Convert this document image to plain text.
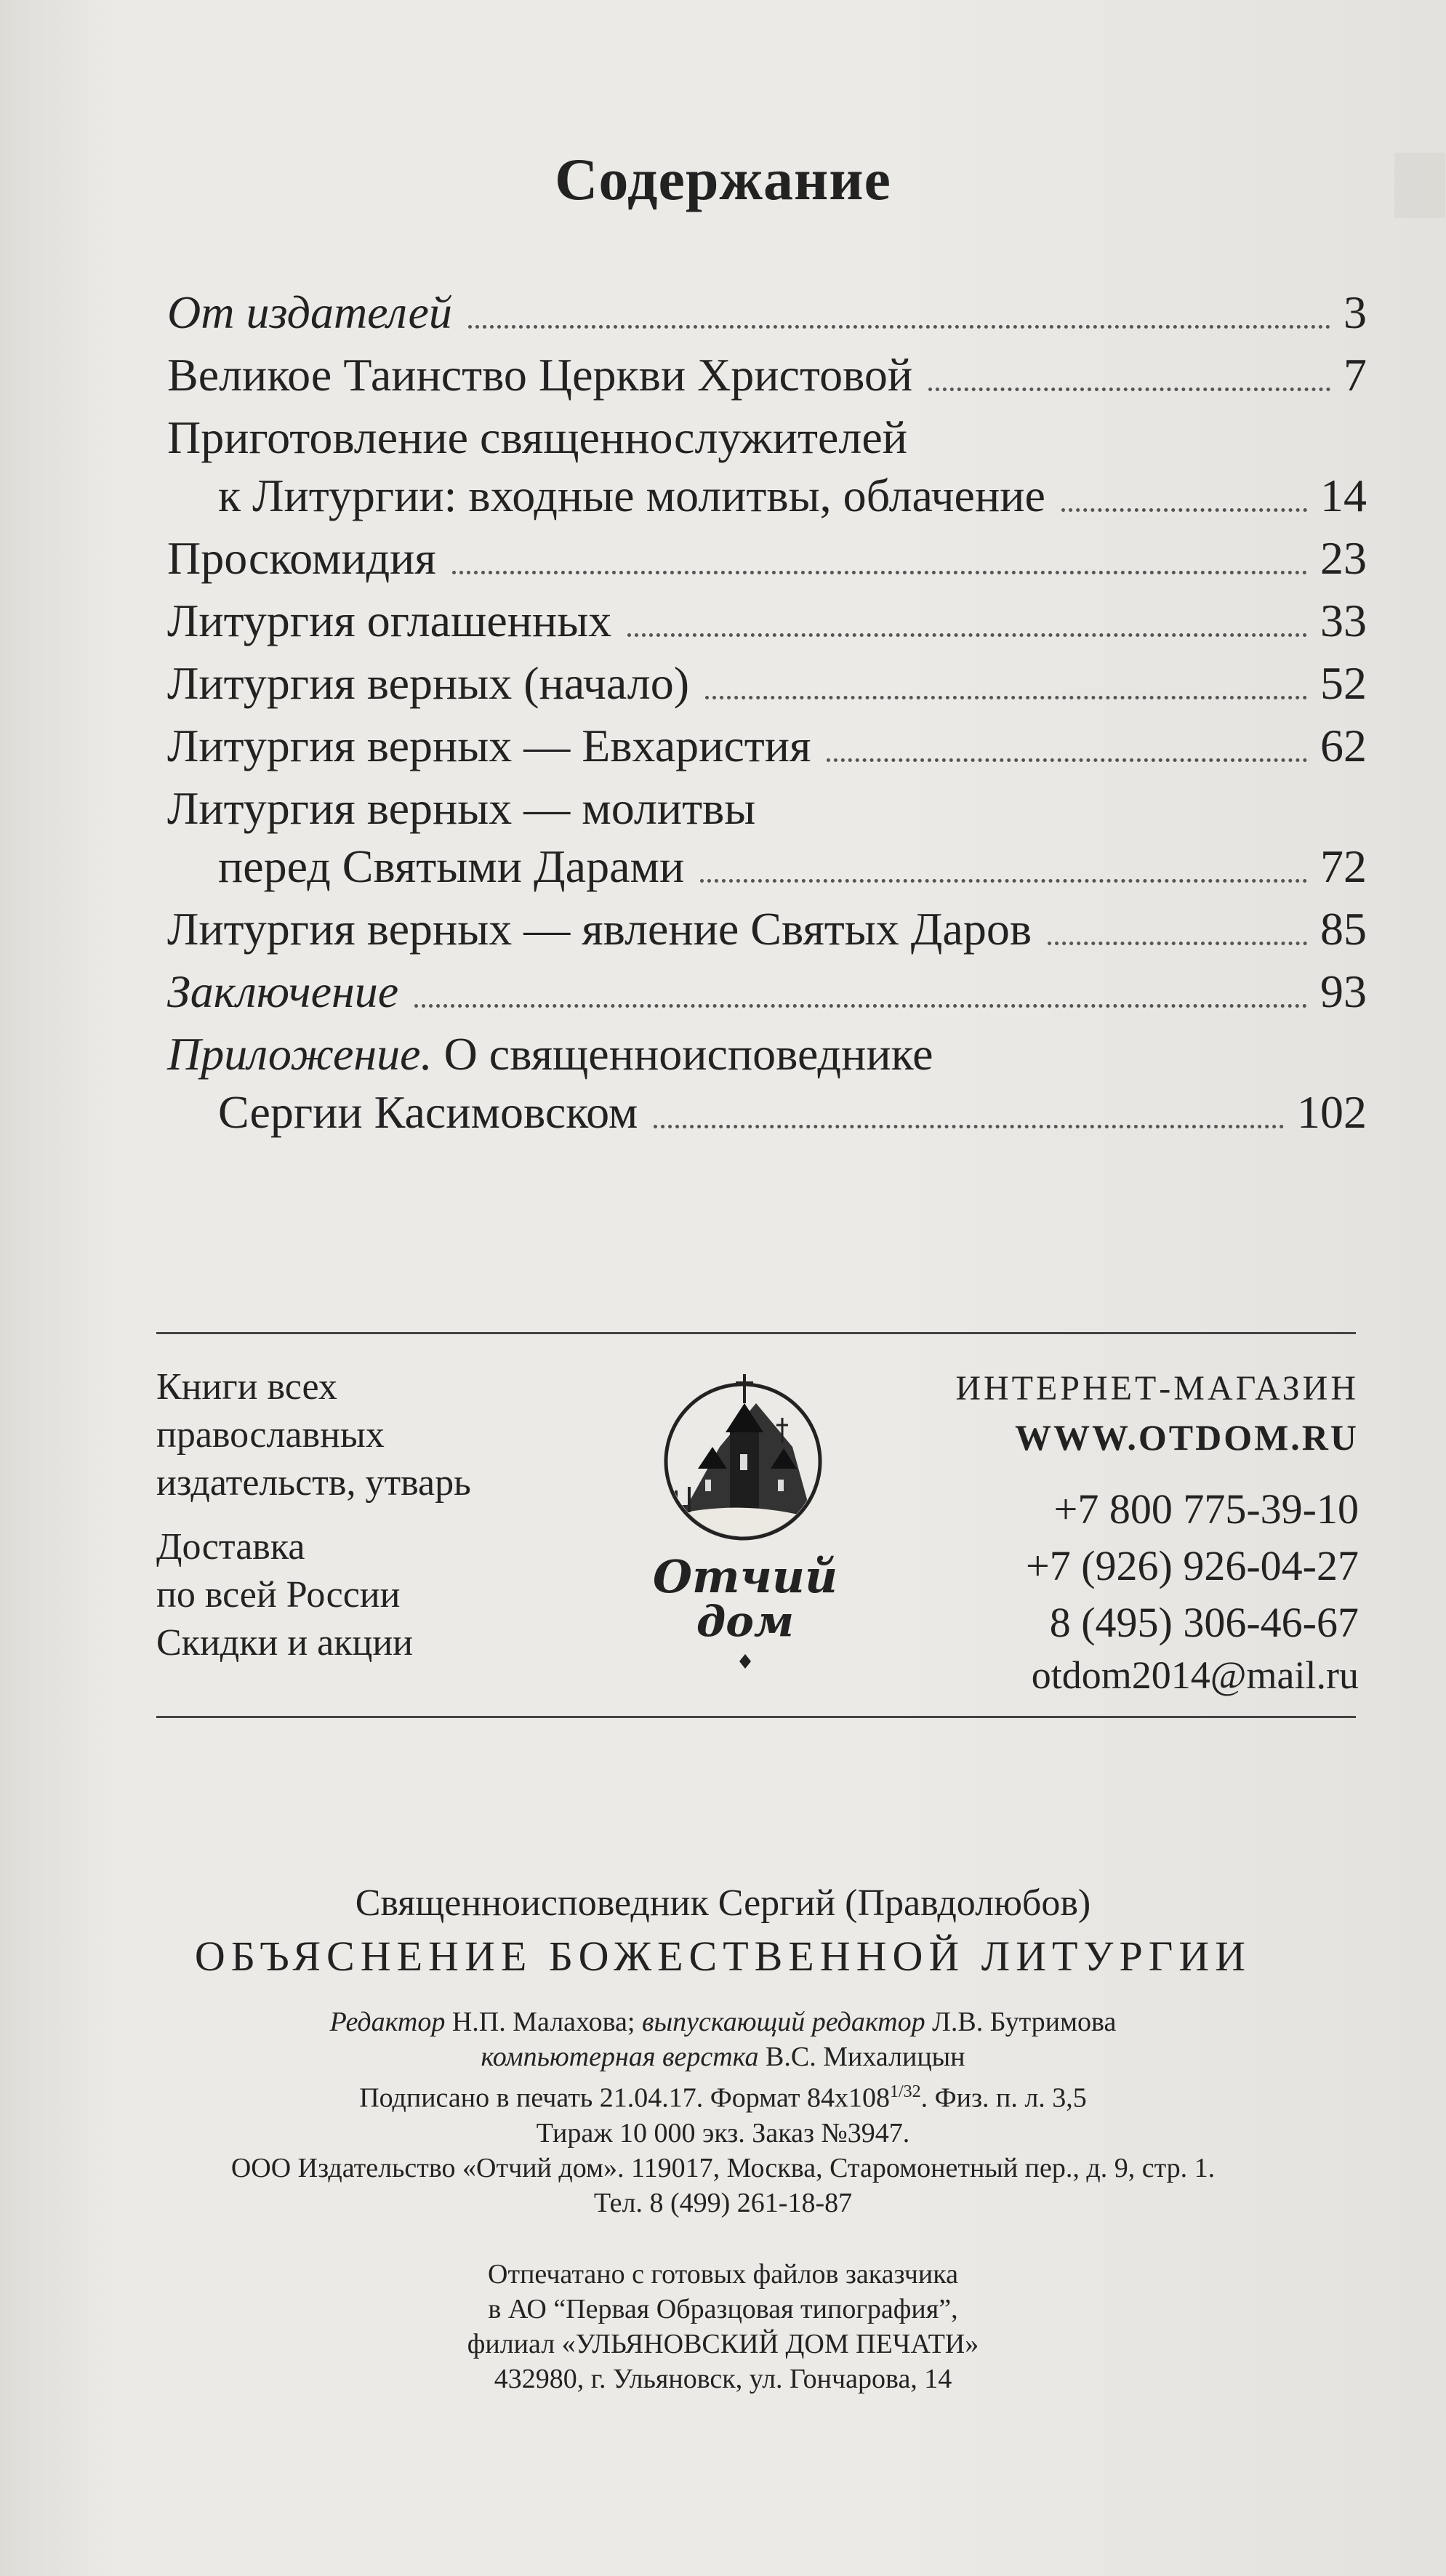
Содержание
От издателей	3
Великое Таинство Церкви Христовой	7
Приготовление священнослужителей
к Литургии: входные молитвы, облачение	14
Проскомидия	23
Литургия оглашенных	33
Литургия верных (начало)	52
Литургия верных — Евхаристия	62
Литургия верных — молитвы
перед Святыми Дарами	72
Литургия верных — явление Святых Даров	85
Заключение	93
Приложение. О священноисповеднике
Сергии Касимовском	102
Книги всех
православных
издательств, утварь
Доставка
по всей России
Скидки и акции
Отчий
дом
ИНТЕРНЕТ-МАГАЗИН
WWW.OTDOM.RU
+7 800 775-39-10
+7 (926) 926-04-27
8 (495) 306-46-67
otdom2014@mail.ru
Священноисповедник Сергий (Правдолюбов)
ОБЪЯСНЕНИЕ БОЖЕСТВЕННОЙ ЛИТУРГИИ
Редактор Н.П. Малахова; выпускающий редактор Л.В. Бутримова
компьютерная верстка В.С. Михалицын
Подписано в печать 21.04.17. Формат $84x108^{1/32}$. Физ. п. л. 3,5
Тираж 10 000 экз. Заказ №3947.
ООО Издательство «Отчий дом». 119017, Москва, Старомонетный пер., д. 9, стр. 1.
Тел. 8 (499) 261-18-87
Отпечатано с готовых файлов заказчика
в АО “Первая Образцовая типография”,
филиал «УЛЬЯНОВСКИЙ ДОМ ПЕЧАТИ»
432980, г. Ульяновск, ул. Гончарова, 14
